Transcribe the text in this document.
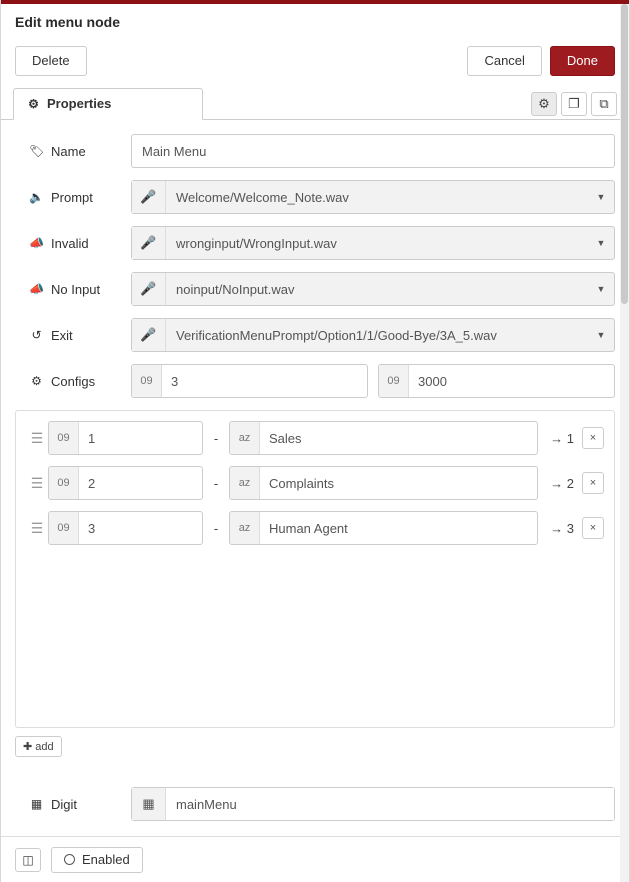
Edit menu node
Delete	Cancel	Done
⚙ Properties	⚙	❐	⧉
🏷 Name	Main Menu
🔈 Prompt	🎤	Welcome/Welcome_Note.wav	▼
📣 Invalid	🎤	wronginput/WrongInput.wav	▼
📣 No Input	🎤	noinput/NoInput.wav	▼
↺ Exit	🎤	VerificationMenuPrompt/Option1/1/Good-Bye/3A_5.wav	▼
⚙ Configs	09	3	09	3000
☰	09	1	-	az	Sales	→ 1	×
☰	09	2	-	az	Complaints	→ 2	×
☰	09	3	-	az	Human Agent	→ 3	×
✚ add
▦ Digit	▦	mainMenu
◫	Enabled
